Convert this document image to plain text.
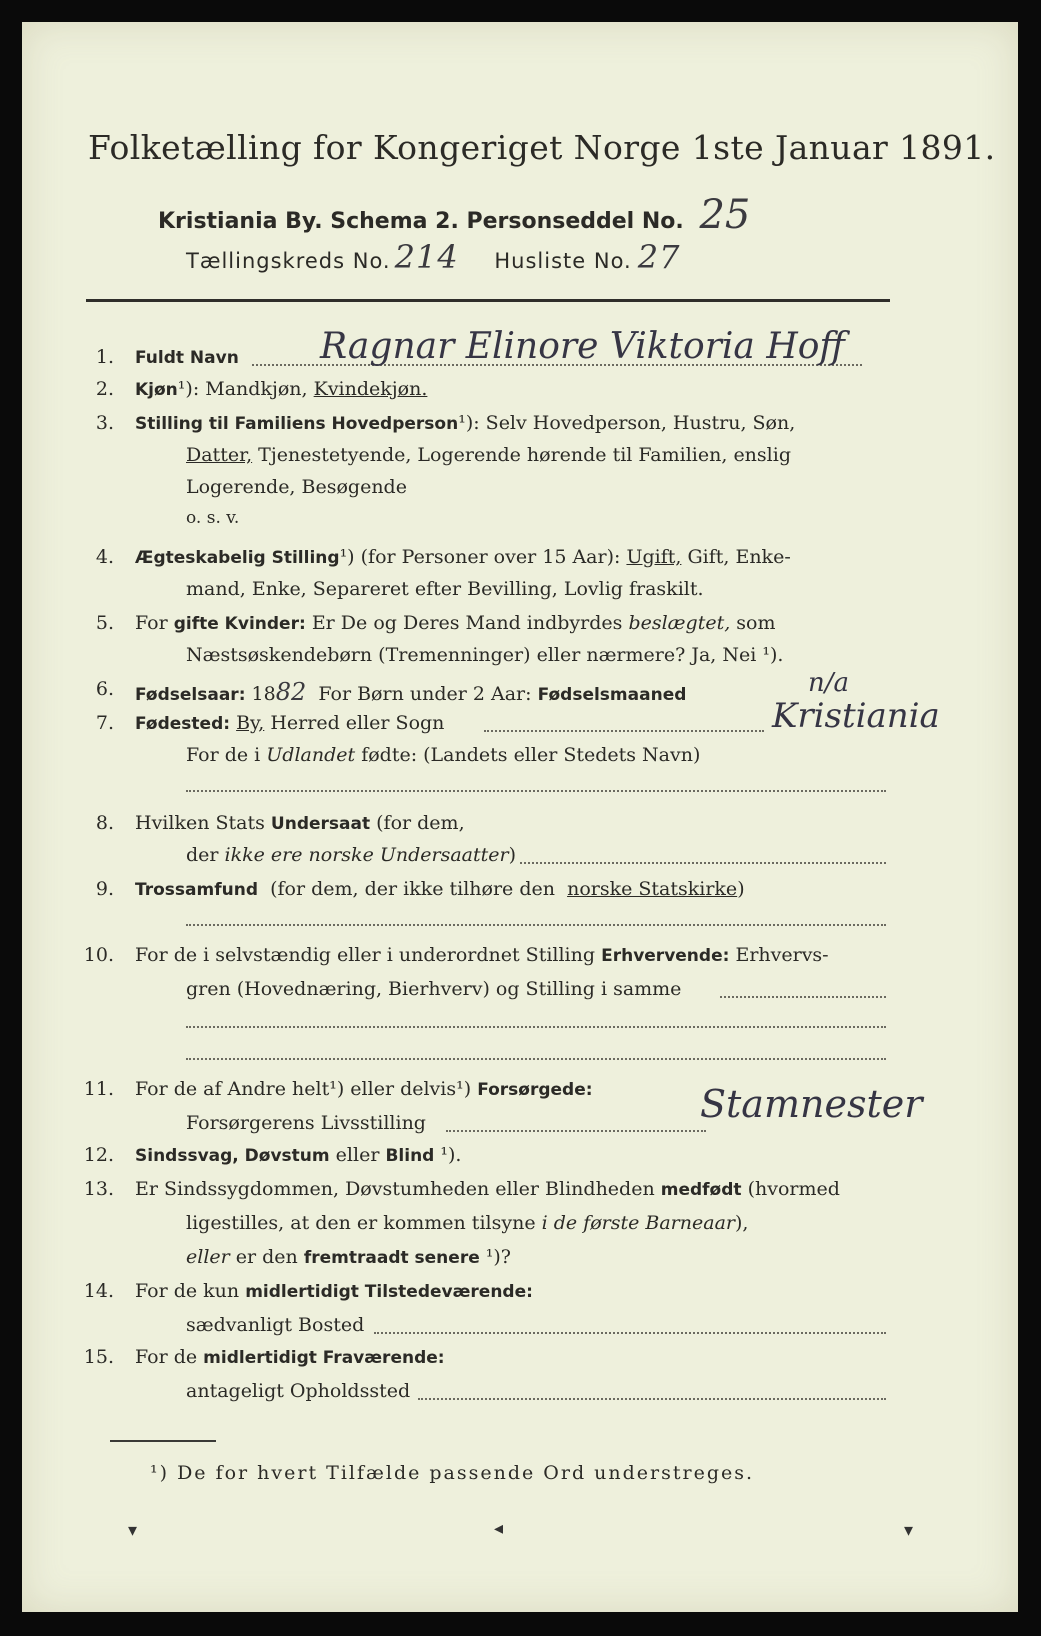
Folketælling for Kongeriget Norge 1ste Januar 1891.
Kristiania By. Schema 2. Personseddel No. 25
Tællingskreds No. 214 Husliste No. 27
1. Fuldt Navn Ragnar Elinore Viktoria Hoff
2. Kjøn¹): Mandkjøn, Kvindekjøn.
3. Stilling til Familiens Hovedperson¹): Selv Hovedperson, Hustru, Søn,
Datter, Tjenestetyende, Logerende hørende til Familien, enslig
Logerende, Besøgende
o. s. v.
4. Ægteskabelig Stilling¹) (for Personer over 15 Aar): Ugift, Gift, Enke-
mand, Enke, Separeret efter Bevilling, Lovlig fraskilt.
5. For gifte Kvinder: Er De og Deres Mand indbyrdes beslægtet, som
Næstsøskendebørn (Tremenninger) eller nærmere? Ja, Nei ¹).
6. Fødselsaar: 1882 For Børn under 2 Aar: Fødselsmaaned	n/a
7. Fødested: By, Herred eller Sogn	Kristiania
For de i Udlandet fødte: (Landets eller Stedets Navn)
8. Hvilken Stats Undersaat (for dem,
der ikke ere norske Undersaatter)
9. Trossamfund (for dem, der ikke tilhøre den norske Statskirke)
10. For de i selvstændig eller i underordnet Stilling Erhvervende: Erhvervs-
gren (Hovednæring, Bierhverv) og Stilling i samme
11. For de af Andre helt¹) eller delvis¹) Forsørgede:
Forsørgerens Livsstilling	Stamnester
12. Sindssvag, Døvstum eller Blind ¹).
13. Er Sindssygdommen, Døvstumheden eller Blindheden medfødt (hvormed
ligestilles, at den er kommen tilsyne i de første Barneaar),
eller er den fremtraadt senere ¹)?
14. For de kun midlertidigt Tilstedeværende:
sædvanligt Bosted
15. For de midlertidigt Fraværende:
antageligt Opholdssted
¹) De for hvert Tilfælde passende Ord understreges.
▾	◂	▾
